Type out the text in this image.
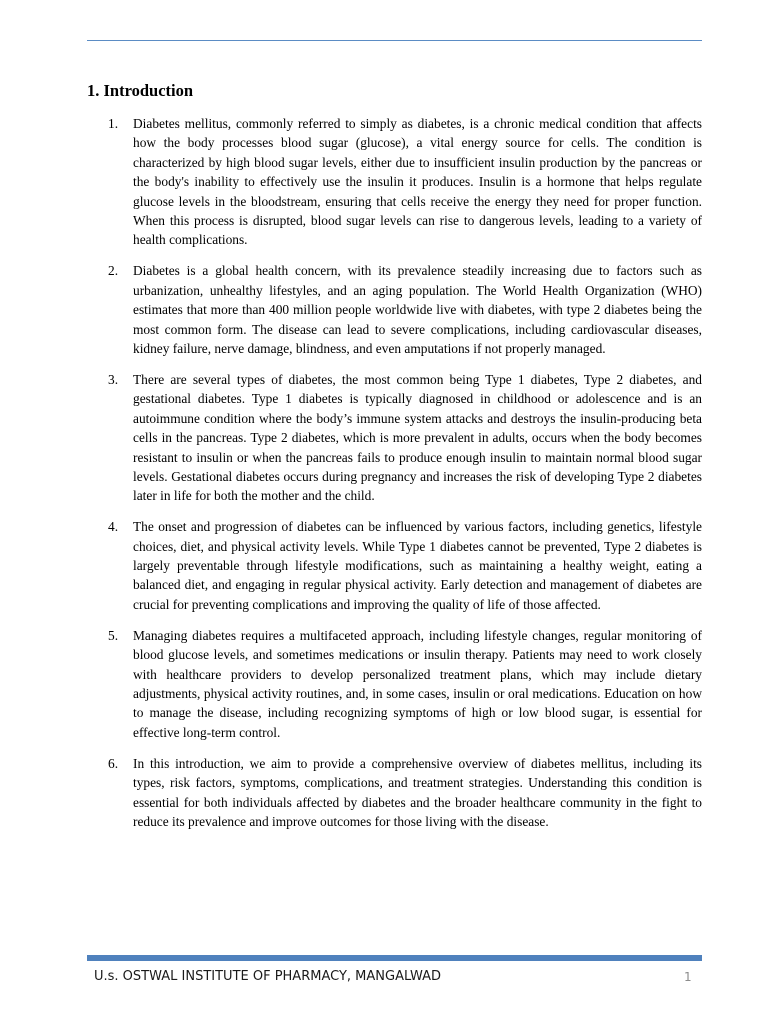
1. Introduction
1. Diabetes mellitus, commonly referred to simply as diabetes, is a chronic medical condition that affects how the body processes blood sugar (glucose), a vital energy source for cells. The condition is characterized by high blood sugar levels, either due to insufficient insulin production by the pancreas or the body's inability to effectively use the insulin it produces. Insulin is a hormone that helps regulate glucose levels in the bloodstream, ensuring that cells receive the energy they need for proper function. When this process is disrupted, blood sugar levels can rise to dangerous levels, leading to a variety of health complications.
2. Diabetes is a global health concern, with its prevalence steadily increasing due to factors such as urbanization, unhealthy lifestyles, and an aging population. The World Health Organization (WHO) estimates that more than 400 million people worldwide live with diabetes, with type 2 diabetes being the most common form. The disease can lead to severe complications, including cardiovascular diseases, kidney failure, nerve damage, blindness, and even amputations if not properly managed.
3. There are several types of diabetes, the most common being Type 1 diabetes, Type 2 diabetes, and gestational diabetes. Type 1 diabetes is typically diagnosed in childhood or adolescence and is an autoimmune condition where the body’s immune system attacks and destroys the insulin-producing beta cells in the pancreas. Type 2 diabetes, which is more prevalent in adults, occurs when the body becomes resistant to insulin or when the pancreas fails to produce enough insulin to maintain normal blood sugar levels. Gestational diabetes occurs during pregnancy and increases the risk of developing Type 2 diabetes later in life for both the mother and the child.
4. The onset and progression of diabetes can be influenced by various factors, including genetics, lifestyle choices, diet, and physical activity levels. While Type 1 diabetes cannot be prevented, Type 2 diabetes is largely preventable through lifestyle modifications, such as maintaining a healthy weight, eating a balanced diet, and engaging in regular physical activity. Early detection and management of diabetes are crucial for preventing complications and improving the quality of life of those affected.
5. Managing diabetes requires a multifaceted approach, including lifestyle changes, regular monitoring of blood glucose levels, and sometimes medications or insulin therapy. Patients may need to work closely with healthcare providers to develop personalized treatment plans, which may include dietary adjustments, physical activity routines, and, in some cases, insulin or oral medications. Education on how to manage the disease, including recognizing symptoms of high or low blood sugar, is essential for effective long-term control.
6. In this introduction, we aim to provide a comprehensive overview of diabetes mellitus, including its types, risk factors, symptoms, complications, and treatment strategies. Understanding this condition is essential for both individuals affected by diabetes and the broader healthcare community in the fight to reduce its prevalence and improve outcomes for those living with the disease.
U.s. OSTWAL INSTITUTE OF PHARMACY, MANGALWAD	1
